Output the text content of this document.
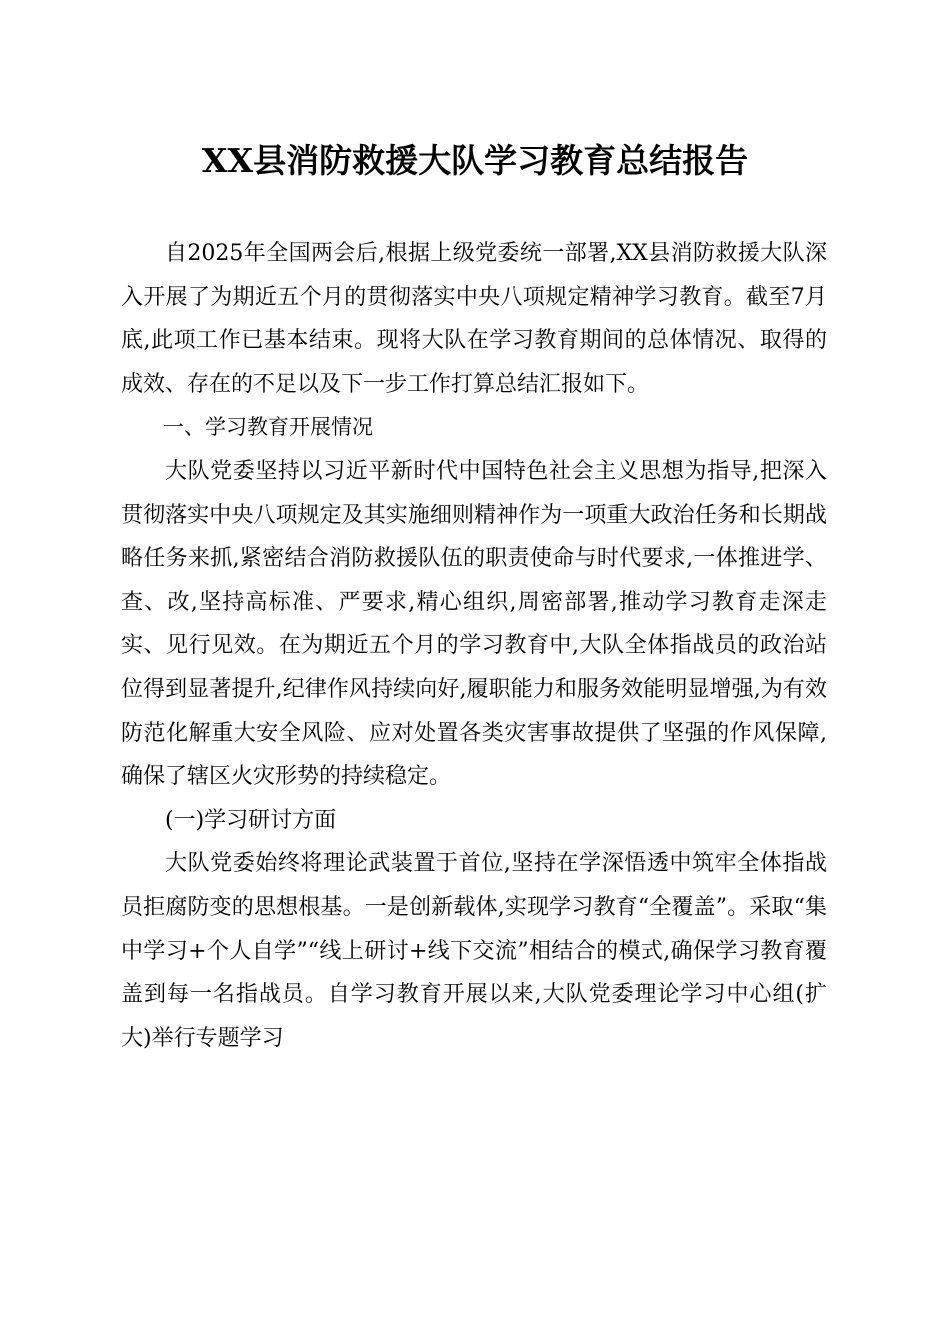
XX县消防救援大队学习教育总结报告

自2025年全国两会后,根据上级党委统一部署,XX县消防救援大队深入开展了为期近五个月的贯彻落实中央八项规定精神学习教育。截至7月底,此项工作已基本结束。现将大队在学习教育期间的总体情况、取得的成效、存在的不足以及下一步工作打算总结汇报如下。

一、学习教育开展情况

大队党委坚持以习近平新时代中国特色社会主义思想为指导,把深入贯彻落实中央八项规定及其实施细则精神作为一项重大政治任务和长期战略任务来抓,紧密结合消防救援队伍的职责使命与时代要求,一体推进学、查、改,坚持高标准、严要求,精心组织,周密部署,推动学习教育走深走实、见行见效。在为期近五个月的学习教育中,大队全体指战员的政治站位得到显著提升,纪律作风持续向好,履职能力和服务效能明显增强,为有效防范化解重大安全风险、应对处置各类灾害事故提供了坚强的作风保障,确保了辖区火灾形势的持续稳定。

(一)学习研讨方面

大队党委始终将理论武装置于首位,坚持在学深悟透中筑牢全体指战员拒腐防变的思想根基。一是创新载体,实现学习教育“全覆盖”。采取“集中学习+个人自学”“线上研讨+线下交流”相结合的模式,确保学习教育覆盖到每一名指战员。自学习教育开展以来,大队党委理论学习中心组(扩大)举行专题学习
